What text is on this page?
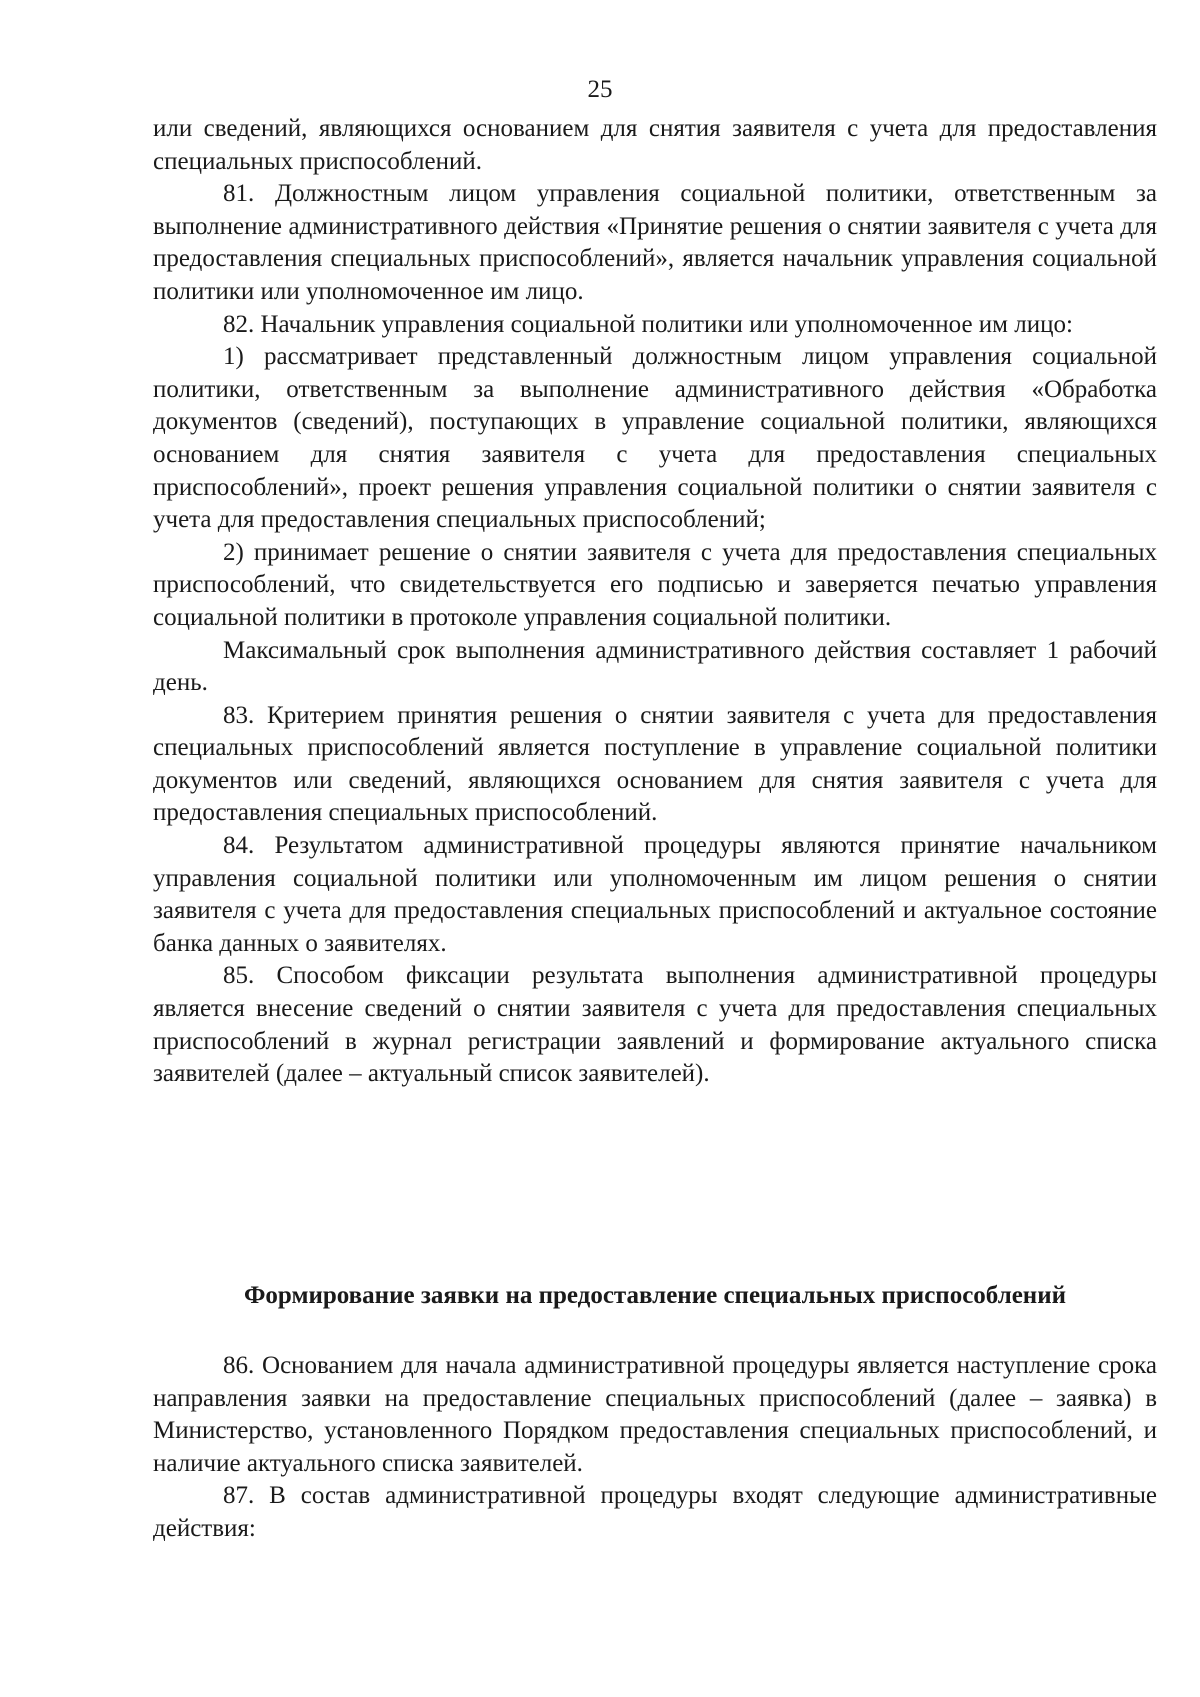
25

или сведений, являющихся основанием для снятия заявителя с учета для предоставления специальных приспособлений.

81. Должностным лицом управления социальной политики, ответственным за выполнение административного действия «Принятие решения о снятии заявителя с учета для предоставления специальных приспособлений», является начальник управления социальной политики или уполномоченное им лицо.

82. Начальник управления социальной политики или уполномоченное им лицо:

1) рассматривает представленный должностным лицом управления социальной политики, ответственным за выполнение административного действия «Обработка документов (сведений), поступающих в управление социальной политики, являющихся основанием для снятия заявителя с учета для предоставления специальных приспособлений», проект решения управления социальной политики о снятии заявителя с учета для предоставления специальных приспособлений;

2) принимает решение о снятии заявителя с учета для предоставления специальных приспособлений, что свидетельствуется его подписью и заверяется печатью управления социальной политики в протоколе управления социальной политики.

Максимальный срок выполнения административного действия составляет 1 рабочий день.

83. Критерием принятия решения о снятии заявителя с учета для предоставления специальных приспособлений является поступление в управление социальной политики документов или сведений, являющихся основанием для снятия заявителя с учета для предоставления специальных приспособлений.

84. Результатом административной процедуры являются принятие начальником управления социальной политики или уполномоченным им лицом решения о снятии заявителя с учета для предоставления специальных приспособлений и актуальное состояние банка данных о заявителях.

85. Способом фиксации результата выполнения административной процедуры является внесение сведений о снятии заявителя с учета для предоставления специальных приспособлений в журнал регистрации заявлений и формирование актуального списка заявителей (далее – актуальный список заявителей).

Формирование заявки на предоставление специальных приспособлений

86. Основанием для начала административной процедуры является наступление срока направления заявки на предоставление специальных приспособлений (далее – заявка) в Министерство, установленного Порядком предоставления специальных приспособлений, и наличие актуального списка заявителей.

87. В состав административной процедуры входят следующие административные действия:
